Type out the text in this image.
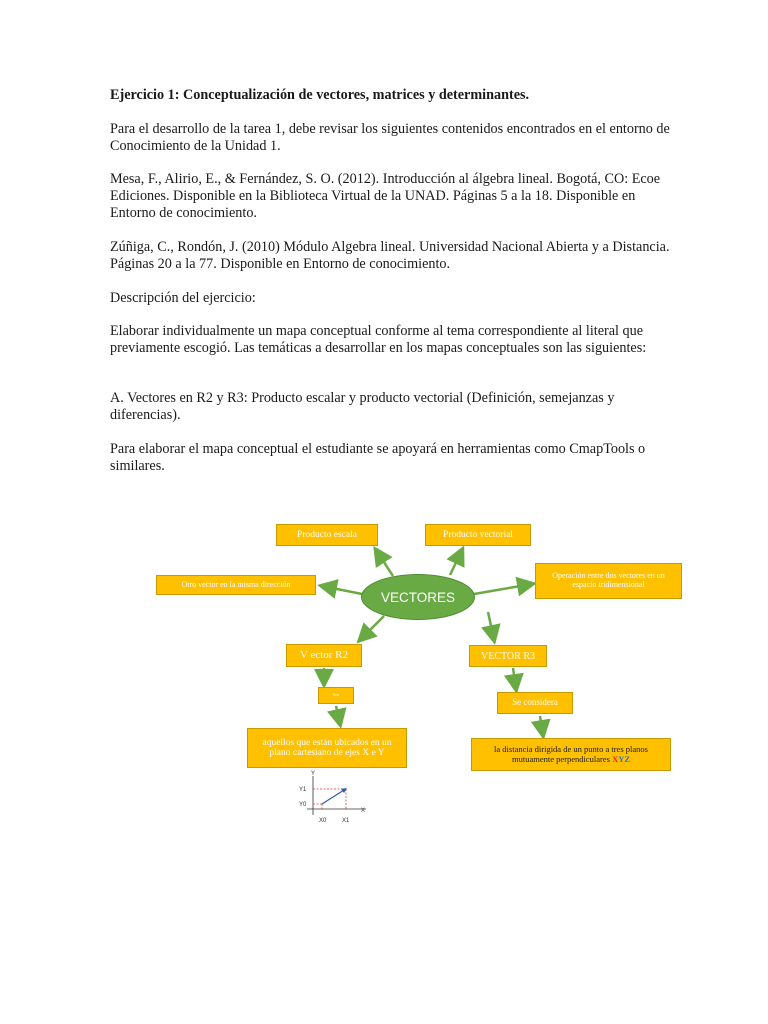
Ejercicio 1: Conceptualización de vectores, matrices y determinantes.
Para el desarrollo de la tarea 1, debe revisar los siguientes contenidos encontrados en el entorno de Conocimiento de la Unidad 1.
Mesa, F., Alirio, E., & Fernández, S. O. (2012). Introducción al álgebra lineal. Bogotá, CO: Ecoe Ediciones. Disponible en la Biblioteca Virtual de la UNAD. Páginas 5 a la 18. Disponible en Entorno de conocimiento.
Zúñiga, C., Rondón, J. (2010) Módulo Algebra lineal. Universidad Nacional Abierta y a Distancia. Páginas 20 a la 77. Disponible en Entorno de conocimiento.
Descripción del ejercicio:
Elaborar individualmente un mapa conceptual conforme al tema correspondiente al literal que previamente escogió. Las temáticas a desarrollar en los mapas conceptuales son las siguientes:
A. Vectores en R2 y R3: Producto escalar y producto vectorial (Definición, semejanzas y diferencias).
Para elaborar el mapa conceptual el estudiante se apoyará en herramientas como CmapTools o similares.
Producto escala	Producto vectorial
Otro vector en la misma dirección
Operación entre dos vectores en un espacio tridimensional
VECTORES
V ector R2	VECTOR R3
Son
Se considera
aquellos que están ubicados en un plano cartesiano de ejes X e Y	la distancia dirigida de un punto a tres planos mutuamente perpendiculares XYZ
Y
X
Y1
Y0
X0	X1
